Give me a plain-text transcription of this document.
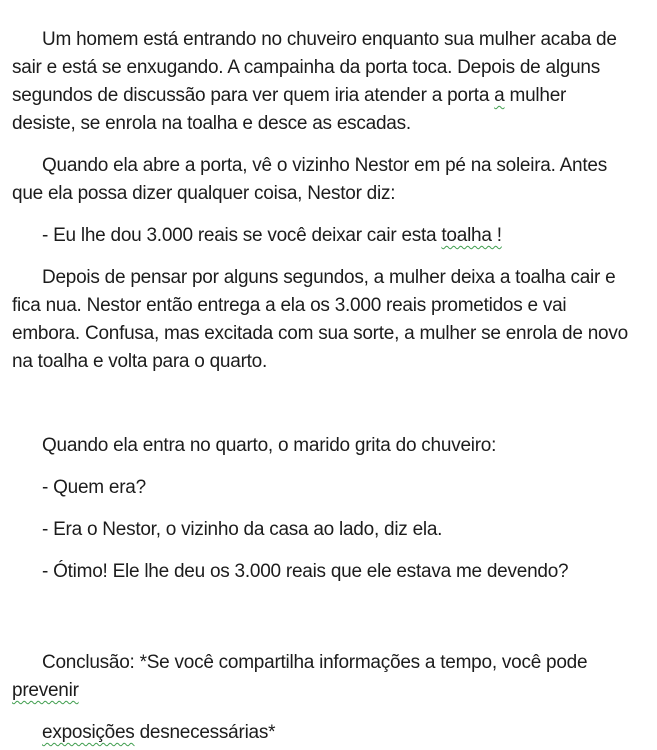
Um homem está entrando no chuveiro enquanto sua mulher acaba de
sair e está se enxugando. A campainha da porta toca. Depois de alguns
segundos de discussão para ver quem iria atender a porta a mulher
desiste, se enrola na toalha e desce as escadas.

Quando ela abre a porta, vê o vizinho Nestor em pé na soleira. Antes
que ela possa dizer qualquer coisa, Nestor diz:

- Eu lhe dou 3.000 reais se você deixar cair esta toalha !

Depois de pensar por alguns segundos, a mulher deixa a toalha cair e
fica nua. Nestor então entrega a ela os 3.000 reais prometidos e vai
embora. Confusa, mas excitada com sua sorte, a mulher se enrola de novo
na toalha e volta para o quarto.

Quando ela entra no quarto, o marido grita do chuveiro:

- Quem era?

- Era o Nestor, o vizinho da casa ao lado, diz ela.

- Ótimo! Ele lhe deu os 3.000 reais que ele estava me devendo?

Conclusão: *Se você compartilha informações a tempo, você pode
prevenir

exposições desnecessárias*
